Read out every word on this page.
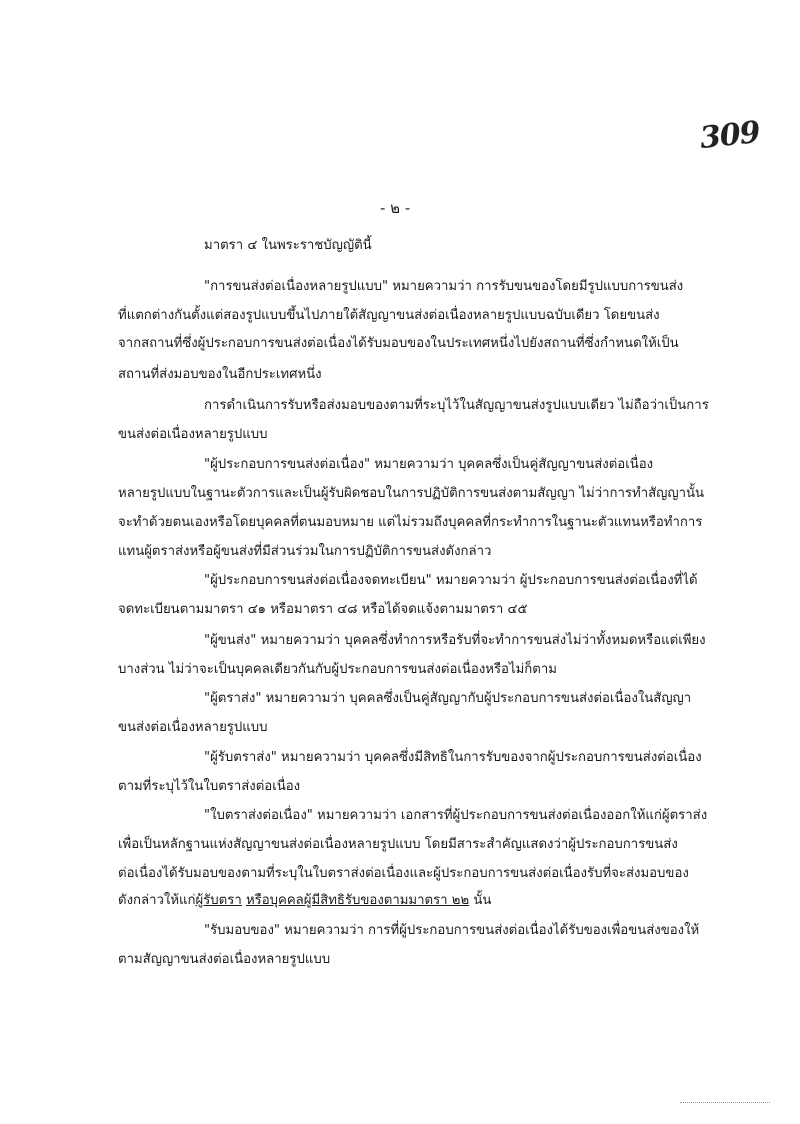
309
- ๒ -
มาตรา ๔ ในพระราชบัญญัตินี้
"การขนส่งต่อเนื่องหลายรูปแบบ" หมายความว่า การรับขนของโดยมีรูปแบบการขนส่ง
ที่แตกต่างกันตั้งแต่สองรูปแบบขึ้นไปภายใต้สัญญาขนส่งต่อเนื่องหลายรูปแบบฉบับเดียว โดยขนส่ง
จากสถานที่ซึ่งผู้ประกอบการขนส่งต่อเนื่องได้รับมอบของในประเทศหนึ่งไปยังสถานที่ซึ่งกำหนดให้เป็น
สถานที่ส่งมอบของในอีกประเทศหนึ่ง
การดำเนินการรับหรือส่งมอบของตามที่ระบุไว้ในสัญญาขนส่งรูปแบบเดียว ไม่ถือว่าเป็นการ
ขนส่งต่อเนื่องหลายรูปแบบ
"ผู้ประกอบการขนส่งต่อเนื่อง" หมายความว่า บุคคลซึ่งเป็นคู่สัญญาขนส่งต่อเนื่อง
หลายรูปแบบในฐานะตัวการและเป็นผู้รับผิดชอบในการปฏิบัติการขนส่งตามสัญญา ไม่ว่าการทำสัญญานั้น
จะทำด้วยตนเองหรือโดยบุคคลที่ตนมอบหมาย แต่ไม่รวมถึงบุคคลที่กระทำการในฐานะตัวแทนหรือทำการ
แทนผู้ตราส่งหรือผู้ขนส่งที่มีส่วนร่วมในการปฏิบัติการขนส่งดังกล่าว
"ผู้ประกอบการขนส่งต่อเนื่องจดทะเบียน" หมายความว่า ผู้ประกอบการขนส่งต่อเนื่องที่ได้
จดทะเบียนตามมาตรา ๔๑ หรือมาตรา ๔๘ หรือได้จดแจ้งตามมาตรา ๔๕
"ผู้ขนส่ง" หมายความว่า บุคคลซึ่งทำการหรือรับที่จะทำการขนส่งไม่ว่าทั้งหมดหรือแต่เพียง
บางส่วน ไม่ว่าจะเป็นบุคคลเดียวกันกับผู้ประกอบการขนส่งต่อเนื่องหรือไม่ก็ตาม
"ผู้ตราส่ง" หมายความว่า บุคคลซึ่งเป็นคู่สัญญากับผู้ประกอบการขนส่งต่อเนื่องในสัญญา
ขนส่งต่อเนื่องหลายรูปแบบ
"ผู้รับตราส่ง" หมายความว่า บุคคลซึ่งมีสิทธิในการรับของจากผู้ประกอบการขนส่งต่อเนื่อง
ตามที่ระบุไว้ในใบตราส่งต่อเนื่อง
"ใบตราส่งต่อเนื่อง" หมายความว่า เอกสารที่ผู้ประกอบการขนส่งต่อเนื่องออกให้แก่ผู้ตราส่ง
เพื่อเป็นหลักฐานแห่งสัญญาขนส่งต่อเนื่องหลายรูปแบบ โดยมีสาระสำคัญแสดงว่าผู้ประกอบการขนส่ง
ต่อเนื่องได้รับมอบของตามที่ระบุในใบตราส่งต่อเนื่องและผู้ประกอบการขนส่งต่อเนื่องรับที่จะส่งมอบของ
ดังกล่าวให้แก่ผู้รับตรา หรือบุคคลผู้มีสิทธิรับของตามมาตรา ๒๒ นั้น
"รับมอบของ" หมายความว่า การที่ผู้ประกอบการขนส่งต่อเนื่องได้รับของเพื่อขนส่งของให้
ตามสัญญาขนส่งต่อเนื่องหลายรูปแบบ
